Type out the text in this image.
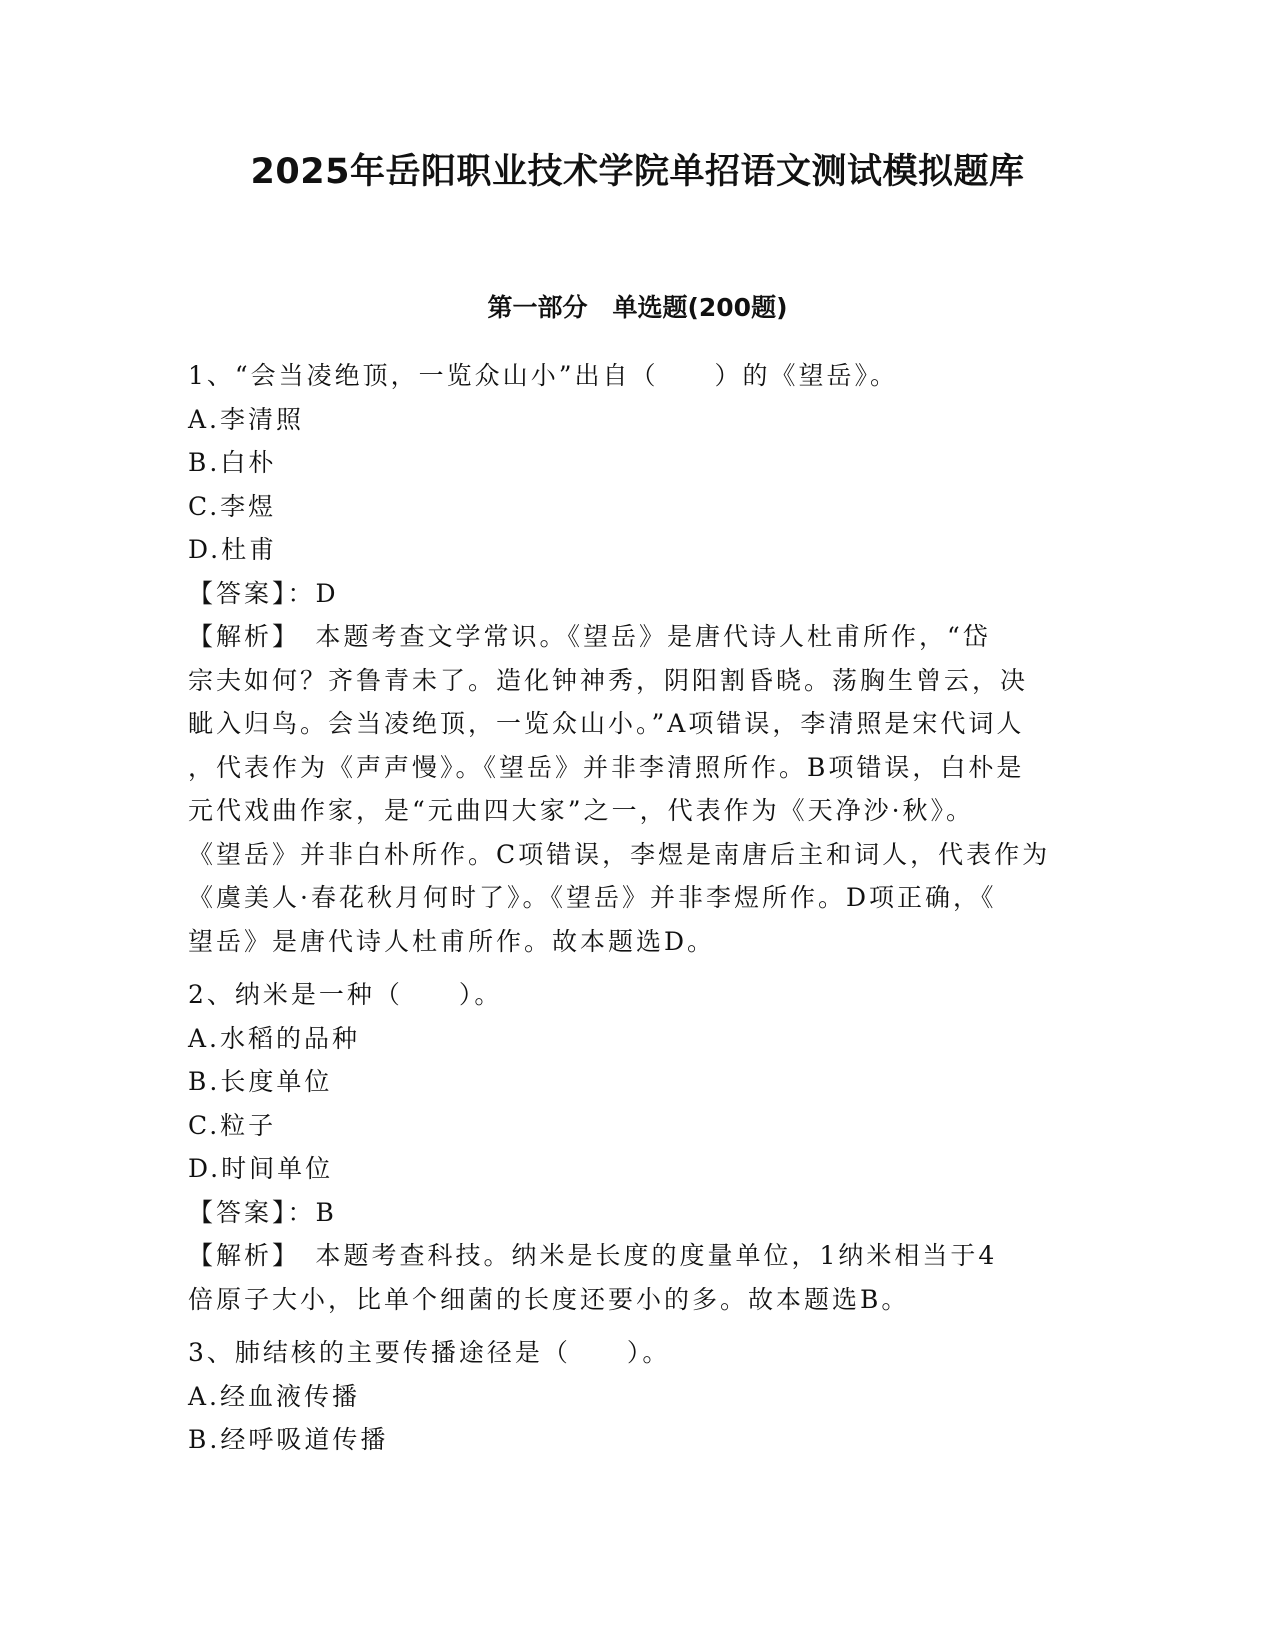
2025年岳阳职业技术学院单招语文测试模拟题库
第一部分　单选题(200题)
1、“会当凌绝顶，一览众山小”出自（　　）的《望岳》。
A.李清照
B.白朴
C.李煜
D.杜甫
【答案】：D
【解析】　本题考查文学常识。《望岳》是唐代诗人杜甫所作，“岱
宗夫如何？齐鲁青未了。造化钟神秀，阴阳割昏晓。荡胸生曾云，决
眦入归鸟。会当凌绝顶，一览众山小。”A项错误，李清照是宋代词人
，代表作为《声声慢》。《望岳》并非李清照所作。B项错误，白朴是
元代戏曲作家，是“元曲四大家”之一，代表作为《天净沙·秋》。
《望岳》并非白朴所作。C项错误，李煜是南唐后主和词人，代表作为
《虞美人·春花秋月何时了》。《望岳》并非李煜所作。D项正确，《
望岳》是唐代诗人杜甫所作。故本题选D。
2、纳米是一种（　　）。
A.水稻的品种
B.长度单位
C.粒子
D.时间单位
【答案】：B
【解析】　本题考查科技。纳米是长度的度量单位，1纳米相当于4
倍原子大小，比单个细菌的长度还要小的多。故本题选B。
3、肺结核的主要传播途径是（　　）。
A.经血液传播
B.经呼吸道传播
